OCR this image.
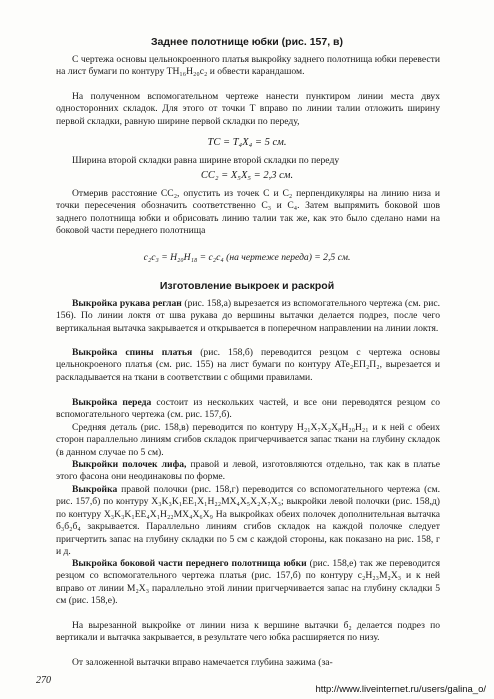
Заднее полотнище юбки (рис. 157, в)
С чертежа основы цельнокроенного платья выкройку заднего полотнища юбки перевести на лист бумаги по контуру TH₁₆H₂₀с₂ и обвести карандашом.
На полученном вспомогательном чертеже нанести пунктиром линии места двух односторонних складок. Для этого от точки T вправо по линии талии отложить ширину первой складки, равную ширине первой складки по переду,
TC = T₄X₄ = 5 см.
Ширина второй складки равна ширине второй складки по переду
CC₂ = X₅X₅ = 2,3 см.
Отмерив расстояние CC₂, опустить из точек C и C₂ перпендикуляры на линию низа и точки пересечения обозначить соответственно C₃ и C₄. Затем выпрямить боковой шов заднего полотнища юбки и обрисовать линию талии так же, как это было сделано нами на боковой части переднего полотнища
с₂с₃ = H₂₀H₁₈ = с₂с₄ (на чертеже переда) = 2,5 см.
Изготовление выкроек и раскрой
Выкройка рукава реглан (рис. 158,а) вырезается из вспомогательного чертежа (см. рис. 156). По линии локтя от шва рукава до вершины вытачки делается подрез, после чего вертикальная вытачка закрывается и открывается в поперечном направлении на линии локтя.
Выкройка спины платья (рис. 158,б) переводится резцом с чертежа основы цельнокроеного платья (см. рис. 155) на лист бумаги по контуру ATe₂ЕП₂П₂, вырезается и раскладывается на ткани в соответствии с общими правилами.
Выкройка переда состоит из нескольких частей, и все они переводятся резцом со вспомогательного чертежа (см. рис. 157,б).
Средняя деталь (рис. 158,в) переводится по контуру H₂₁X₇X₂X₈H₂₀H₂₁ и к ней с обеих сторон параллельно линиям сгибов складок пригчерчивается запас ткани на глубину складок (в данном случае по 5 см).
Выкройки полочек лифа, правой и левой, изготовляются отдельно, так как в платье этого фасона они неодинаковы по форме.
Выкройка правой полочки (рис. 158,г) переводится со вспомогательного чертежа (см. рис. 157,б) по контуру X₃K₃K₁EE₁X₁H₂₂MX₄X₅X₂X₇X₃; выкройки левой полочки (рис. 158,д) по контуру X₃K₃K₁EE₄X₁H₂₂MX₄X₆X₉ На выкройках обеих полочек дополнительная вытачка б₃б₂б₄ закрывается. Параллельно линиям сгибов складок на каждой полочке следует пригчертить запас на глубину складки по 5 см с каждой стороны, как показано на рис. 158, г и д.
Выкройка боковой части переднего полотнища юбки (рис. 158,е) так же переводится резцом со вспомогательного чертежа платья (рис. 157,б) по контуру с₂H₂₃M₂X₃ и к ней вправо от линии M₂X₃ параллельно этой линии пригчерчивается запас на глубину складки 5 см (рис. 158,е).
На вырезанной выкройке от линии низа к вершине вытачки б₂ делается подрез по вертикали и вытачка закрывается, в результате чего юбка расширяется по низу.
От заложенной вытачки вправо намечается глубина зажима (за-
270
http://www.liveinternet.ru/users/galina_o/
